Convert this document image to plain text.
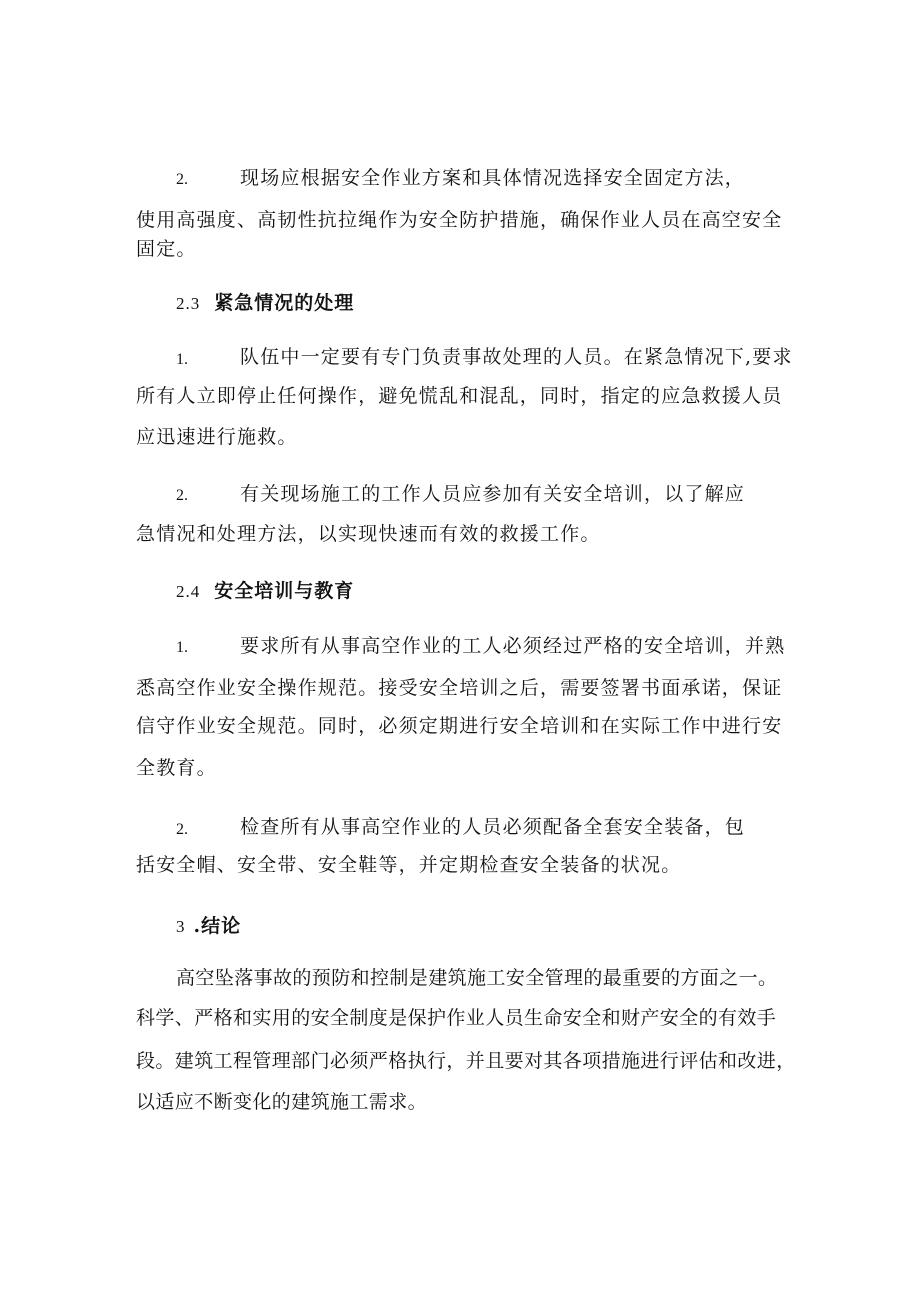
2.	现场应根据安全作业方案和具体情况选择安全固定方法，
使用高强度、高韧性抗拉绳作为安全防护措施，确保作业人员在高空安全
固定。
2.3 紧急情况的处理
1.	队伍中一定要有专门负责事故处理的人员。在紧急情况下,要求
所有人立即停止任何操作，避免慌乱和混乱，同时，指定的应急救援人员
应迅速进行施救。
2.	有关现场施工的工作人员应参加有关安全培训，以了解应
急情况和处理方法，以实现快速而有效的救援工作。
2.4 安全培训与教育
1.	要求所有从事高空作业的工人必须经过严格的安全培训，并熟
悉高空作业安全操作规范。接受安全培训之后，需要签署书面承诺，保证
信守作业安全规范。同时，必须定期进行安全培训和在实际工作中进行安
全教育。
2.	检查所有从事高空作业的人员必须配备全套安全装备，包
括安全帽、安全带、安全鞋等，并定期检查安全装备的状况。
3 .结论
高空坠落事故的预防和控制是建筑施工安全管理的最重要的方面之一。
科学、严格和实用的安全制度是保护作业人员生命安全和财产安全的有效手
段。建筑工程管理部门必须严格执行，并且要对其各项措施进行评估和改进，
以适应不断变化的建筑施工需求。
